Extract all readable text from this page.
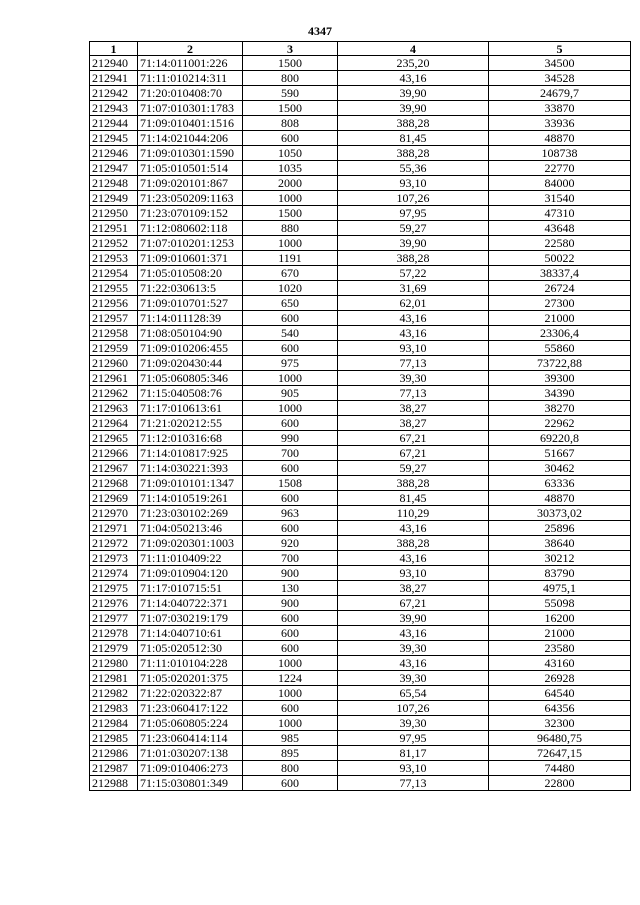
4347
1	2	3	4	5
212940	71:14:011001:226	1500	235,20	34500
212941	71:11:010214:311	800	43,16	34528
212942	71:20:010408:70	590	39,90	24679,7
212943	71:07:010301:1783	1500	39,90	33870
212944	71:09:010401:1516	808	388,28	33936
212945	71:14:021044:206	600	81,45	48870
212946	71:09:010301:1590	1050	388,28	108738
212947	71:05:010501:514	1035	55,36	22770
212948	71:09:020101:867	2000	93,10	84000
212949	71:23:050209:1163	1000	107,26	31540
212950	71:23:070109:152	1500	97,95	47310
212951	71:12:080602:118	880	59,27	43648
212952	71:07:010201:1253	1000	39,90	22580
212953	71:09:010601:371	1191	388,28	50022
212954	71:05:010508:20	670	57,22	38337,4
212955	71:22:030613:5	1020	31,69	26724
212956	71:09:010701:527	650	62,01	27300
212957	71:14:011128:39	600	43,16	21000
212958	71:08:050104:90	540	43,16	23306,4
212959	71:09:010206:455	600	93,10	55860
212960	71:09:020430:44	975	77,13	73722,88
212961	71:05:060805:346	1000	39,30	39300
212962	71:15:040508:76	905	77,13	34390
212963	71:17:010613:61	1000	38,27	38270
212964	71:21:020212:55	600	38,27	22962
212965	71:12:010316:68	990	67,21	69220,8
212966	71:14:010817:925	700	67,21	51667
212967	71:14:030221:393	600	59,27	30462
212968	71:09:010101:1347	1508	388,28	63336
212969	71:14:010519:261	600	81,45	48870
212970	71:23:030102:269	963	110,29	30373,02
212971	71:04:050213:46	600	43,16	25896
212972	71:09:020301:1003	920	388,28	38640
212973	71:11:010409:22	700	43,16	30212
212974	71:09:010904:120	900	93,10	83790
212975	71:17:010715:51	130	38,27	4975,1
212976	71:14:040722:371	900	67,21	55098
212977	71:07:030219:179	600	39,90	16200
212978	71:14:040710:61	600	43,16	21000
212979	71:05:020512:30	600	39,30	23580
212980	71:11:010104:228	1000	43,16	43160
212981	71:05:020201:375	1224	39,30	26928
212982	71:22:020322:87	1000	65,54	64540
212983	71:23:060417:122	600	107,26	64356
212984	71:05:060805:224	1000	39,30	32300
212985	71:23:060414:114	985	97,95	96480,75
212986	71:01:030207:138	895	81,17	72647,15
212987	71:09:010406:273	800	93,10	74480
212988	71:15:030801:349	600	77,13	22800
